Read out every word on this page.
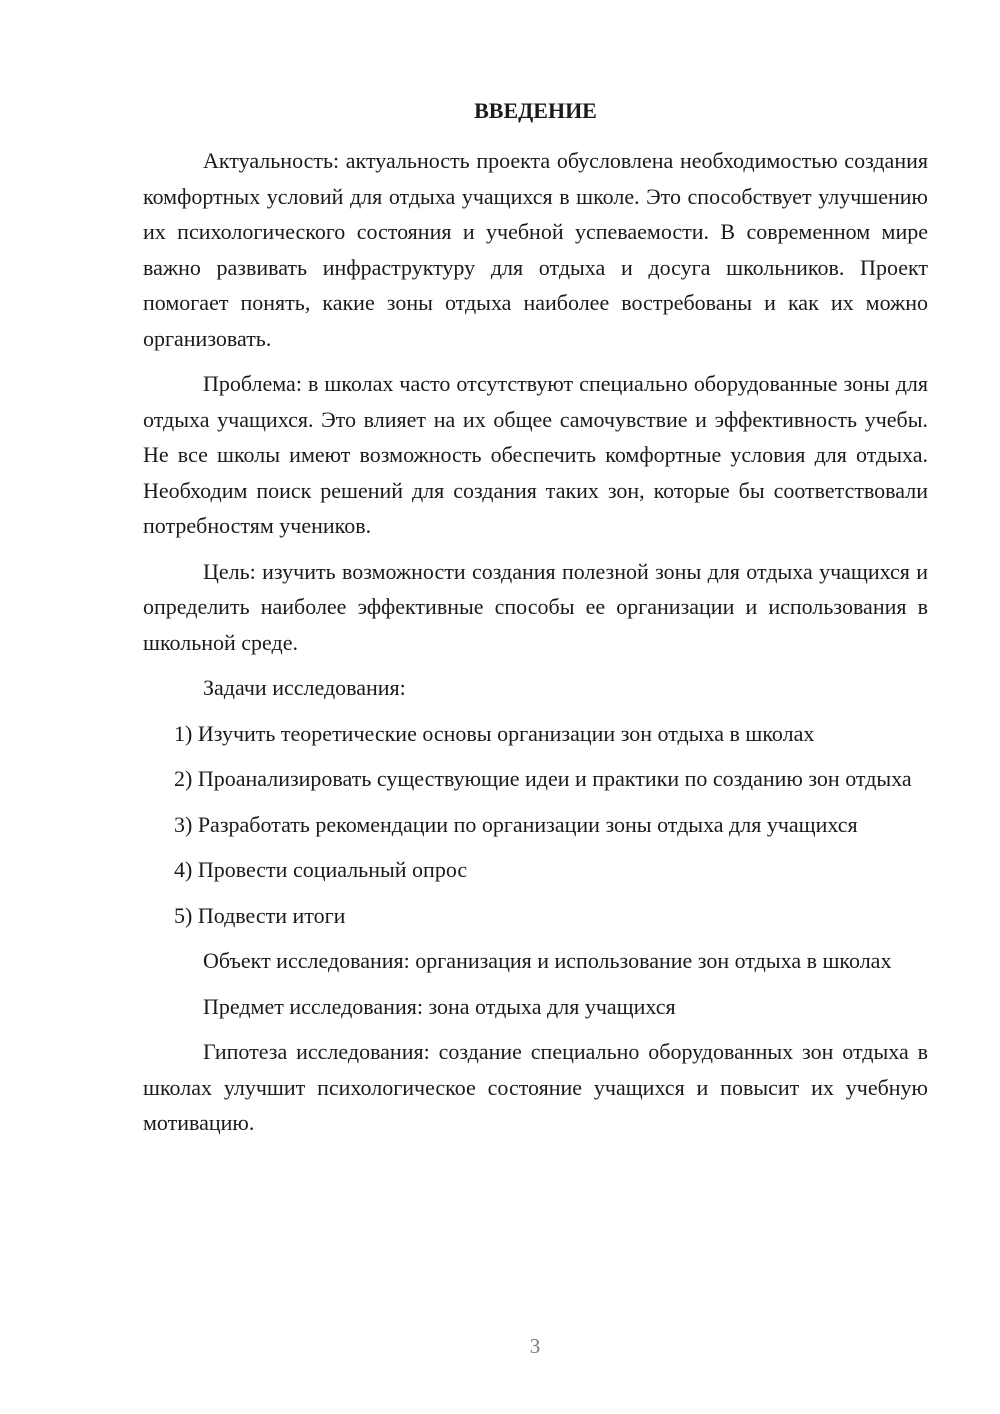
ВВЕДЕНИЕ

Актуальность: актуальность проекта обусловлена необходимостью создания комфортных условий для отдыха учащихся в школе. Это способствует улучшению их психологического состояния и учебной успеваемости. В современном мире важно развивать инфраструктуру для отдыха и досуга школьников. Проект помогает понять, какие зоны отдыха наиболее востребованы и как их можно организовать.

Проблема: в школах часто отсутствуют специально оборудованные зоны для отдыха учащихся. Это влияет на их общее самочувствие и эффективность учебы. Не все школы имеют возможность обеспечить комфортные условия для отдыха. Необходим поиск решений для создания таких зон, которые бы соответствовали потребностям учеников.

Цель: изучить возможности создания полезной зоны для отдыха учащихся и определить наиболее эффективные способы ее организации и использования в школьной среде.

Задачи исследования:

1) Изучить теоретические основы организации зон отдыха в школах

2) Проанализировать существующие идеи и практики по созданию зон отдыха

3) Разработать рекомендации по организации зоны отдыха для учащихся

4) Провести социальный опрос

5) Подвести итоги

Объект исследования: организация и использование зон отдыха в школах

Предмет исследования: зона отдыха для учащихся

Гипотеза исследования: создание специально оборудованных зон отдыха в школах улучшит психологическое состояние учащихся и повысит их учебную мотивацию.

3
